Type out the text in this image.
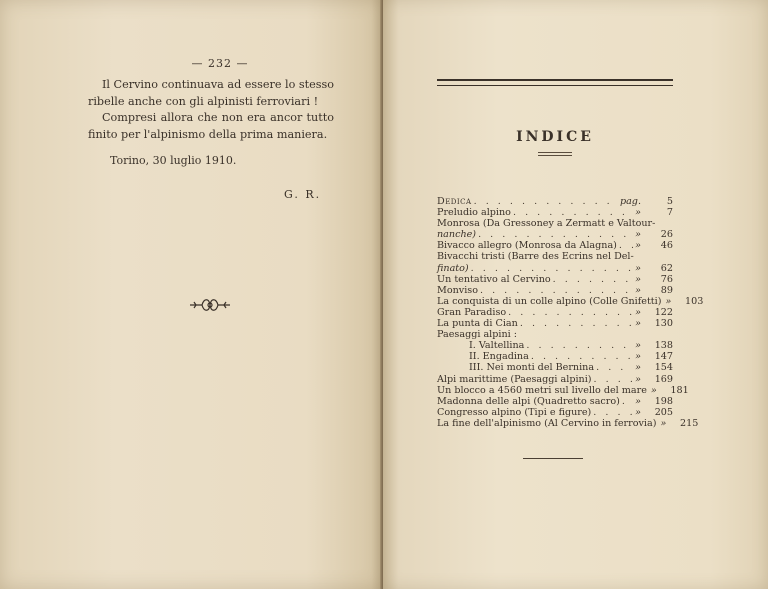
— 232 —

Il Cervino continuava ad essere lo stesso ribelle anche con gli alpinisti ferroviari !

Compresi allora che non era ancor tutto finito per l'alpinismo della prima maniera.

Torino, 30 luglio 1910.
G. R.
INDICE
Dedica . . .	pag.	5
Preludio alpino . . .	»	7
Monrosa (Da Gressoney a Zermatt e Valtour-
nanche) . . .	»	26
Bivacco allegro (Monrosa da Alagna) . . . »	46
Bivacchi tristi (Barre des Ecrins nel Del-
finato) . . .	»	62
Un tentativo al Cervino . . .	»	76
Monviso . . .	»	89
La conquista di un colle alpino (Colle Gnifetti) »	103
Gran Paradiso . . .	»	122
La punta di Cian . . .	»	130
Paesaggi alpini :
I. Valtellina . . .	»	138
II. Engadina . . .	»	147
III. Nei monti del Bernina . . .	»	154
Alpi marittime (Paesaggi alpini) . . .	»	169
Un blocco a 4560 metri sul livello del mare »	181
Madonna delle alpi (Quadretto sacro) . . . »	198
Congresso alpino (Tipi e figure) . . .	»	205
La fine dell'alpinismo (Al Cervino in ferrovia) »	215
